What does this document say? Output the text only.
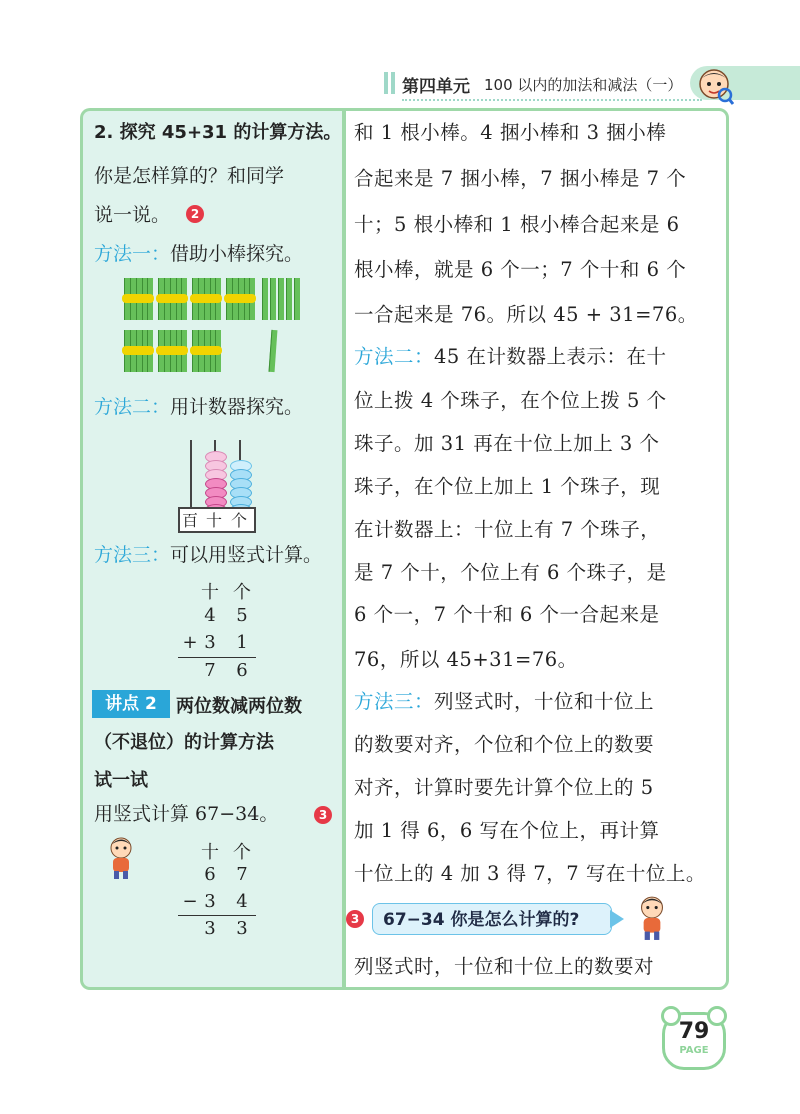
第四单元 100 以内的加法和减法（一）
2. 探究 45+31 的计算方法。
你是怎样算的？和同学
说一说。	2
方法一：借助小棒探究。
方法二：用计数器探究。
百 十 个
方法三：可以用竖式计算。
十 个
4 5
+ 3 1
7 6
讲点 2	两位数减两位数
（不退位）的计算方法
试一试
用竖式计算 67−34。	3
十 个
6 7
− 3 4
3 3
和 1 根小棒。4 捆小棒和 3 捆小棒
合起来是 7 捆小棒，7 捆小棒是 7 个
十；5 根小棒和 1 根小棒合起来是 6
根小棒，就是 6 个一；7 个十和 6 个
一合起来是 76。所以 45 + 31=76。
方法二：45 在计数器上表示：在十
位上拨 4 个珠子，在个位上拨 5 个
珠子。加 31 再在十位上加上 3 个
珠子，在个位上加上 1 个珠子，现
在计数器上：十位上有 7 个珠子，
是 7 个十，个位上有 6 个珠子，是
6 个一，7 个十和 6 个一合起来是
76，所以 45+31=76。
方法三：列竖式时，十位和十位上
的数要对齐，个位和个位上的数要
对齐，计算时要先计算个位上的 5
加 1 得 6，6 写在个位上，再计算
十位上的 4 加 3 得 7，7 写在十位上。
3	67−34 你是怎么计算的?
列竖式时，十位和十位上的数要对
79
PAGE
